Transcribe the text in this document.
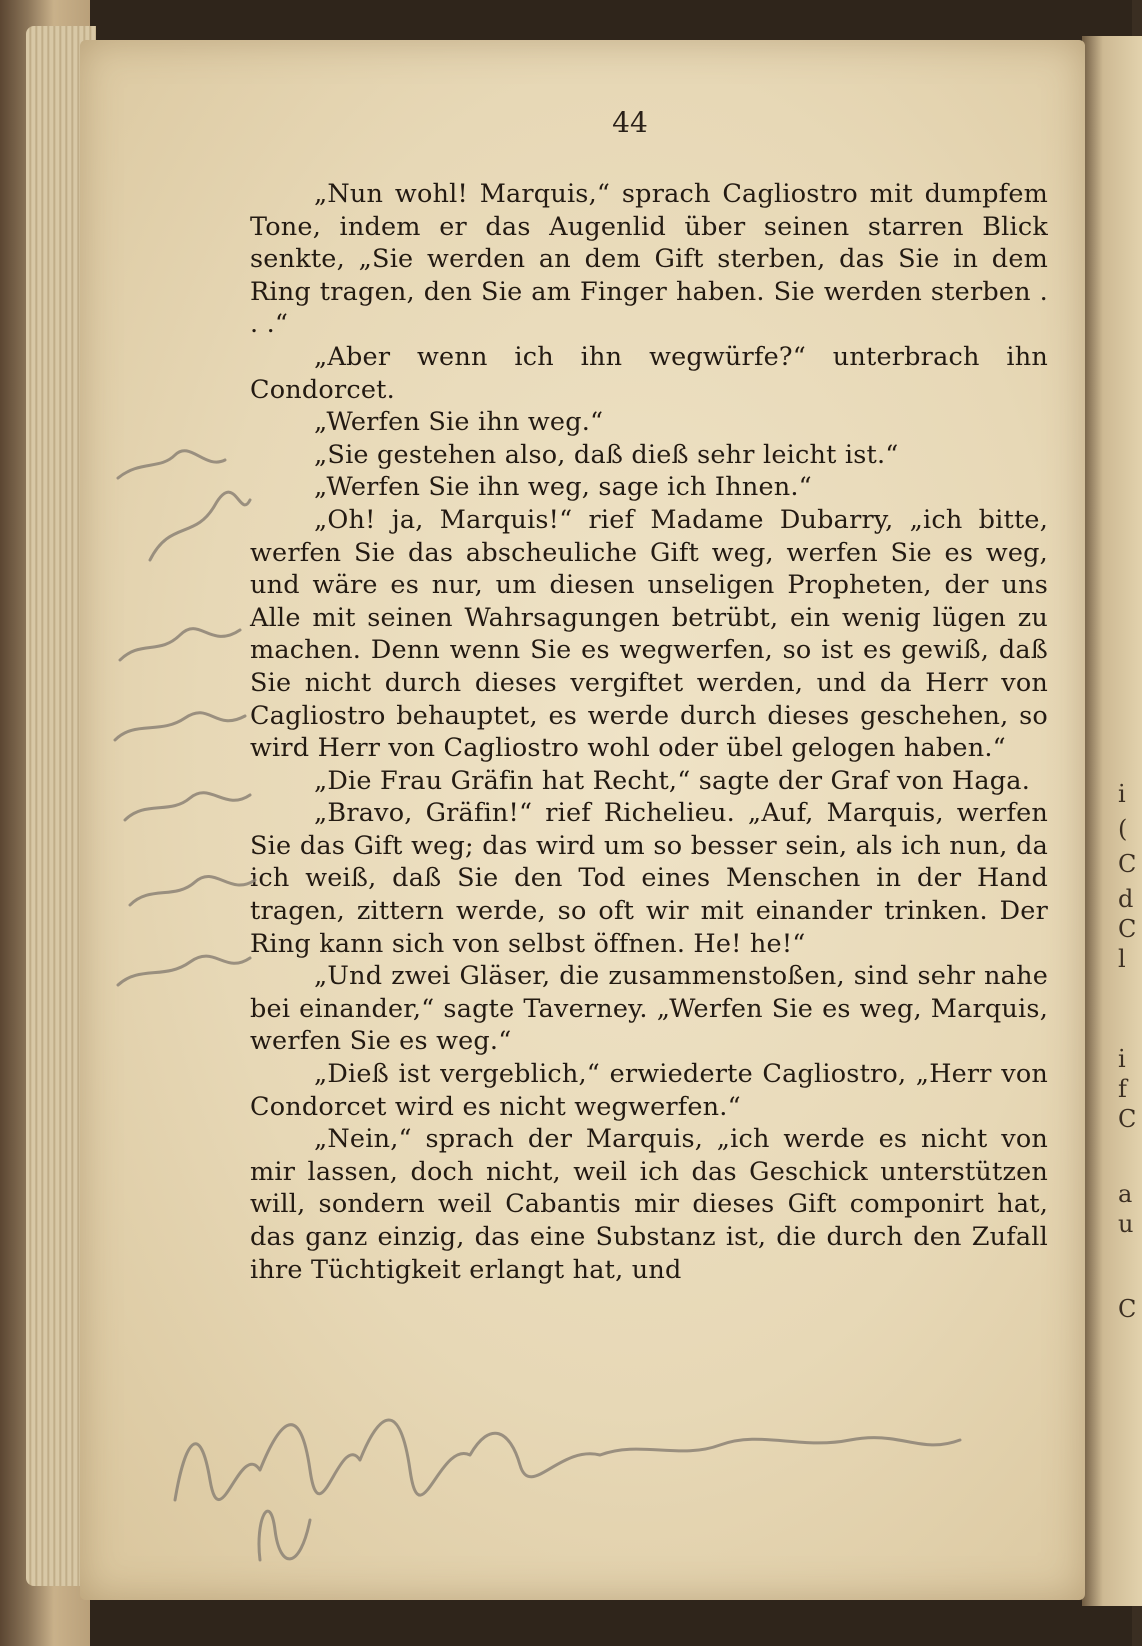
i
(
C
d
C
l
i
f
C
a
u
C
44

„Nun wohl! Marquis,“ sprach Cagliostro mit dumpfem Tone, indem er das Augenlid über seinen starren Blick senkte, „Sie werden an dem Gift sterben, das Sie in dem Ring tragen, den Sie am Finger haben. Sie werden sterben . . .“

„Aber wenn ich ihn wegwürfe?“ unterbrach ihn Condorcet.

„Werfen Sie ihn weg.“

„Sie gestehen also, daß dieß sehr leicht ist.“

„Werfen Sie ihn weg, sage ich Ihnen.“

„Oh! ja, Marquis!“ rief Madame Dubarry, „ich bitte, werfen Sie das abscheuliche Gift weg, werfen Sie es weg, und wäre es nur, um diesen unseligen Propheten, der uns Alle mit seinen Wahrsagungen betrübt, ein wenig lügen zu machen. Denn wenn Sie es wegwerfen, so ist es gewiß, daß Sie nicht durch dieses vergiftet werden, und da Herr von Cagliostro behauptet, es werde durch dieses geschehen, so wird Herr von Cagliostro wohl oder übel gelogen haben.“

„Die Frau Gräfin hat Recht,“ sagte der Graf von Haga.

„Bravo, Gräfin!“ rief Richelieu. „Auf, Marquis, werfen Sie das Gift weg; das wird um so besser sein, als ich nun, da ich weiß, daß Sie den Tod eines Menschen in der Hand tragen, zittern werde, so oft wir mit einander trinken. Der Ring kann sich von selbst öffnen. He! he!“

„Und zwei Gläser, die zusammenstoßen, sind sehr nahe bei einander,“ sagte Taverney. „Werfen Sie es weg, Marquis, werfen Sie es weg.“

„Dieß ist vergeblich,“ erwiederte Cagliostro, „Herr von Condorcet wird es nicht wegwerfen.“

„Nein,“ sprach der Marquis, „ich werde es nicht von mir lassen, doch nicht, weil ich das Geschick unterstützen will, sondern weil Cabantis mir dieses Gift componirt hat, das ganz einzig, das eine Substanz ist, die durch den Zufall ihre Tüchtigkeit erlangt hat, und
